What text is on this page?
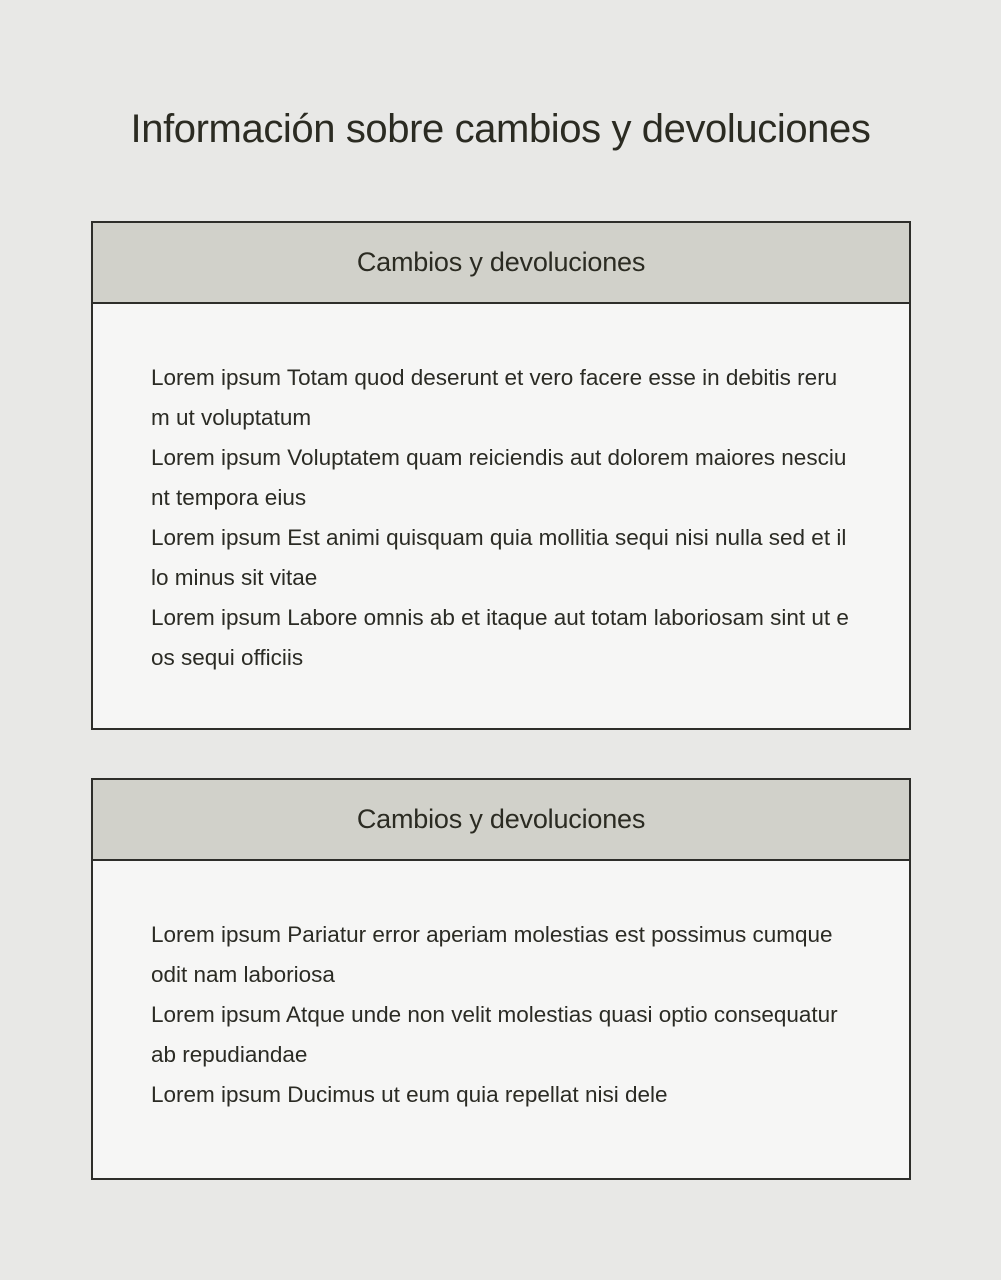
Información sobre cambios y devoluciones
Cambios y devoluciones

Lorem ipsum Totam quod deserunt et vero facere esse in debitis rerum ut voluptatum

Lorem ipsum Voluptatem quam reiciendis aut dolorem maiores nesciunt tempora eius

Lorem ipsum Est animi quisquam quia mollitia sequi nisi nulla sed et illo minus sit vitae

Lorem ipsum Labore omnis ab et itaque aut totam laboriosam sint ut eos sequi officiis

Cambios y devoluciones

Lorem ipsum Pariatur error aperiam molestias est possimus cumque odit nam laboriosa

Lorem ipsum Atque unde non velit molestias quasi optio consequatur ab repudiandae

Lorem ipsum Ducimus ut eum quia repellat nisi dele
